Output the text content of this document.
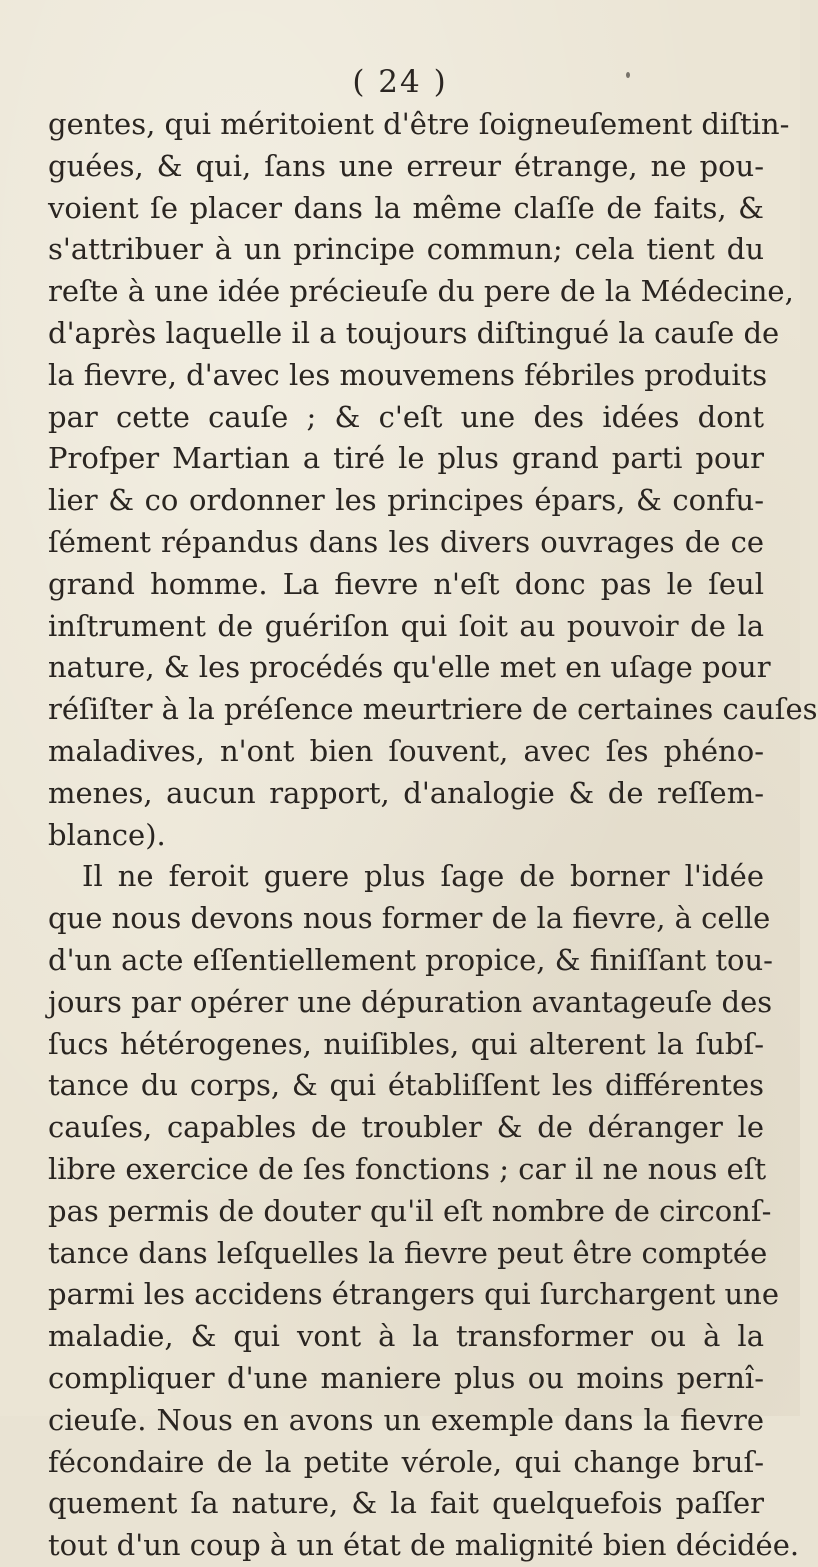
( 24 )
gentes, qui méritoient d'être ſoigneuſement diſtin-
guées, & qui, ſans une erreur étrange, ne pou-
voient ſe placer dans la même claſſe de faits, &
s'attribuer à un principe commun; cela tient du
reſte à une idée précieuſe du pere de la Médecine,
d'après laquelle il a toujours diſtingué la cauſe de
la fievre, d'avec les mouvemens fébriles produits
par cette cauſe ; & c'eſt une des idées dont
Profper Martian a tiré le plus grand parti pour
lier & co ordonner les principes épars, & confu-
ſément répandus dans les divers ouvrages de ce
grand homme. La fievre n'eſt donc pas le ſeul
inſtrument de guériſon qui ſoit au pouvoir de la
nature, & les procédés qu'elle met en uſage pour
réſiſter à la préſence meurtriere de certaines cauſes
maladives, n'ont bien ſouvent, avec ſes phéno-
menes, aucun rapport, d'analogie & de reſſem-
blance).
Il ne feroit guere plus ſage de borner l'idée
que nous devons nous former de la fievre, à celle
d'un acte eſſentiellement propice, & finiſſant tou-
jours par opérer une dépuration avantageuſe des
ſucs hétérogenes, nuiſibles, qui alterent la ſubſ-
tance du corps, & qui établiſſent les différentes
cauſes, capables de troubler & de déranger le
libre exercice de ſes fonctions ; car il ne nous eſt
pas permis de douter qu'il eſt nombre de circonſ-
tance dans leſquelles la fievre peut être comptée
parmi les accidens étrangers qui ſurchargent une
maladie, & qui vont à la transformer ou à la
compliquer d'une maniere plus ou moins pernî-
cieuſe. Nous en avons un exemple dans la fievre
fécondaire de la petite vérole, qui change bruſ-
quement ſa nature, & la fait quelquefois paſſer
tout d'un coup à un état de malignité bien décidée.
